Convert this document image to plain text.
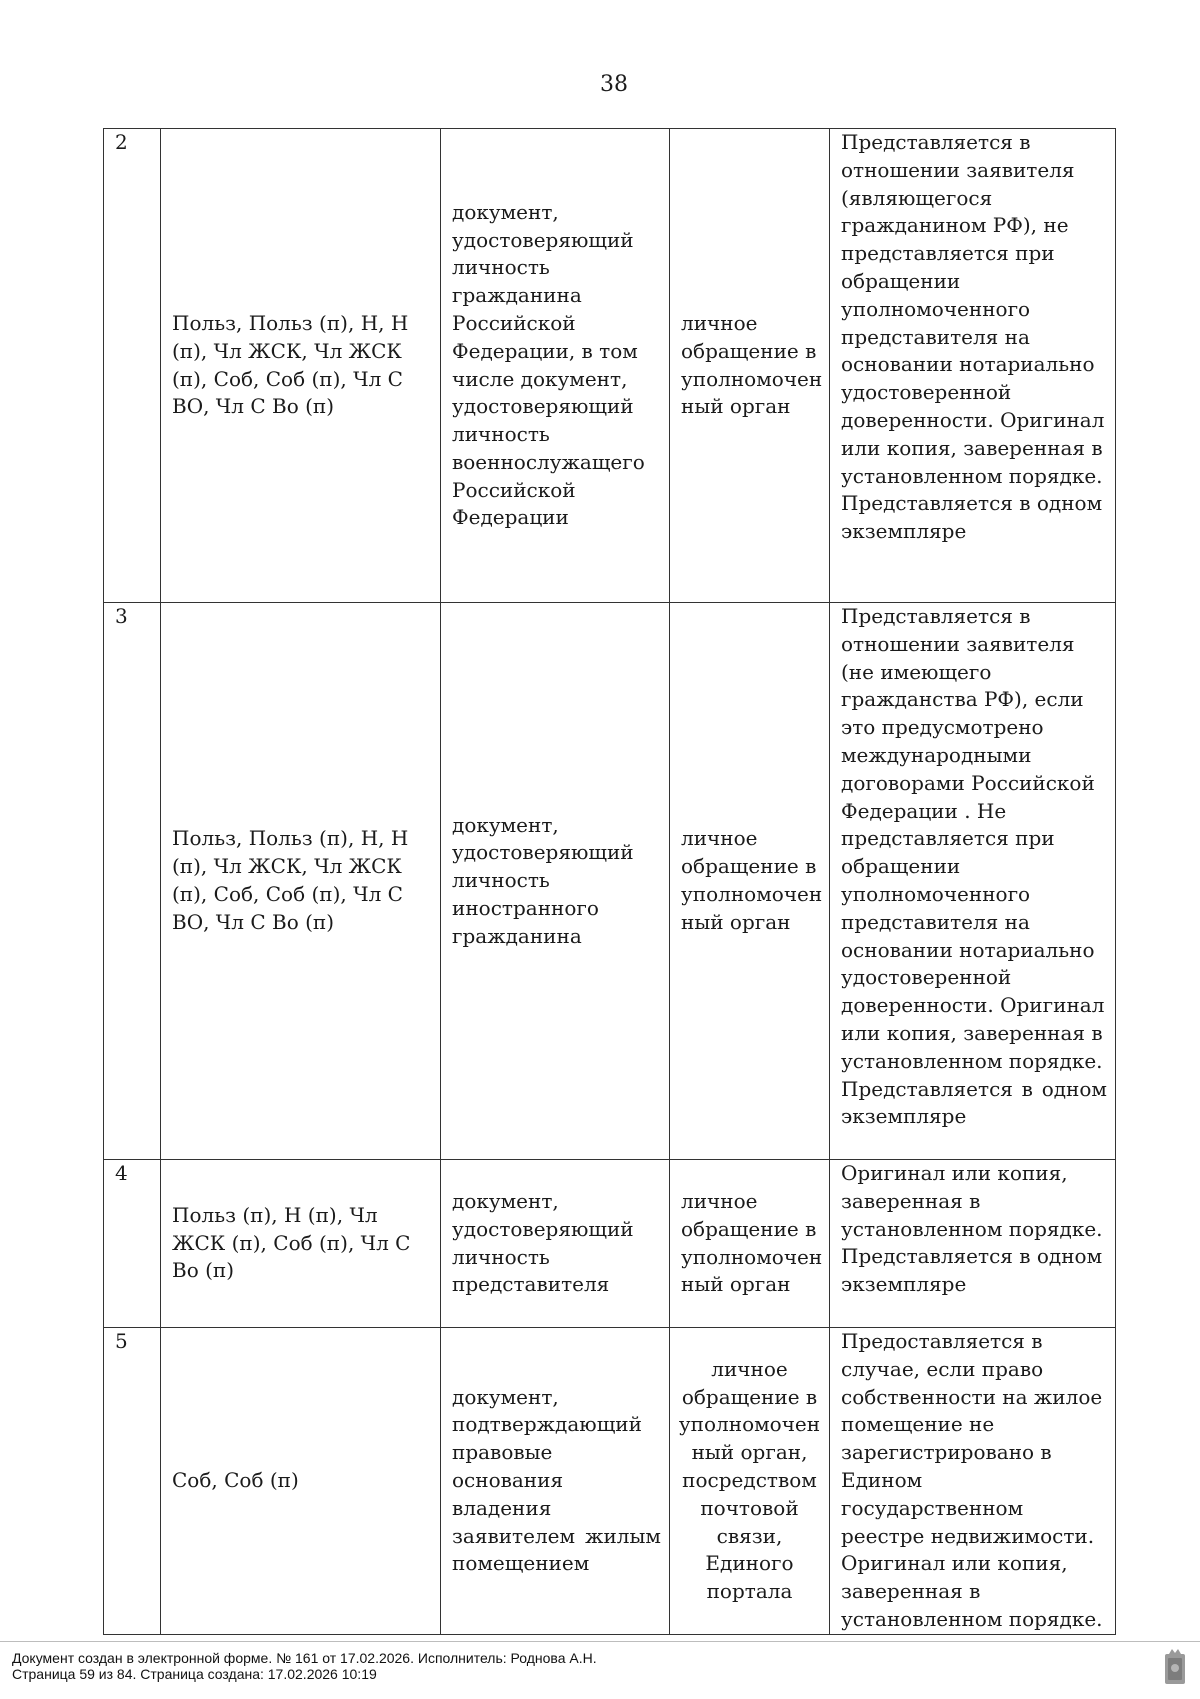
38
2	Польз, Польз (п), Н, Н (п), Чл ЖСК, Чл ЖСК (п), Соб, Соб (п), Чл С ВО, Чл С Во (п)	документ, удостоверяющий личность гражданина Российской Федерации, в том числе документ, удостоверяющий личность военнослужащего Российской Федерации	личное обращение в уполномочен ный орган	Представляется в отношении заявителя (являющегося гражданином РФ), не представляется при обращении уполномоченного представителя на основании нотариально удостоверенной доверенности. Оригинал или копия, заверенная в установленном порядке. Представляется в одном экземпляре
3	Польз, Польз (п), Н, Н (п), Чл ЖСК, Чл ЖСК (п), Соб, Соб (п), Чл С ВО, Чл С Во (п)	документ, удостоверяющий личность иностранного гражданина	личное обращение в уполномочен ный орган	Представляется в отношении заявителя (не имеющего гражданства РФ), если это предусмотрено международными договорами Российской Федерации . Не представляется при обращении уполномоченного представителя на основании нотариально удостоверенной доверенности. Оригинал или копия, заверенная в установленном порядке.
Представляется в одном
экземпляре

4	Польз (п), Н (п), Чл ЖСК (п), Соб (п), Чл С Во (п)	документ, удостоверяющий личность представителя	личное обращение в уполномочен ный орган	Оригинал или копия, заверенная в установленном порядке. Представляется в одном экземпляре
5	Соб, Соб (п)	документ, подтверждающий правовые основания владения
заявителем жилым
помещением	личное обращение в уполномочен ный орган, посредством почтовой связи, Единого портала	Предоставляется в случае, если право собственности на жилое помещение не зарегистрировано в Едином государственном реестре недвижимости. Оригинал или копия, заверенная в установленном порядке.
Документ создан в электронной форме. № 161 от 17.02.2026. Исполнитель: Роднова А.Н.
Страница 59 из 84. Страница создана: 17.02.2026 10:19
